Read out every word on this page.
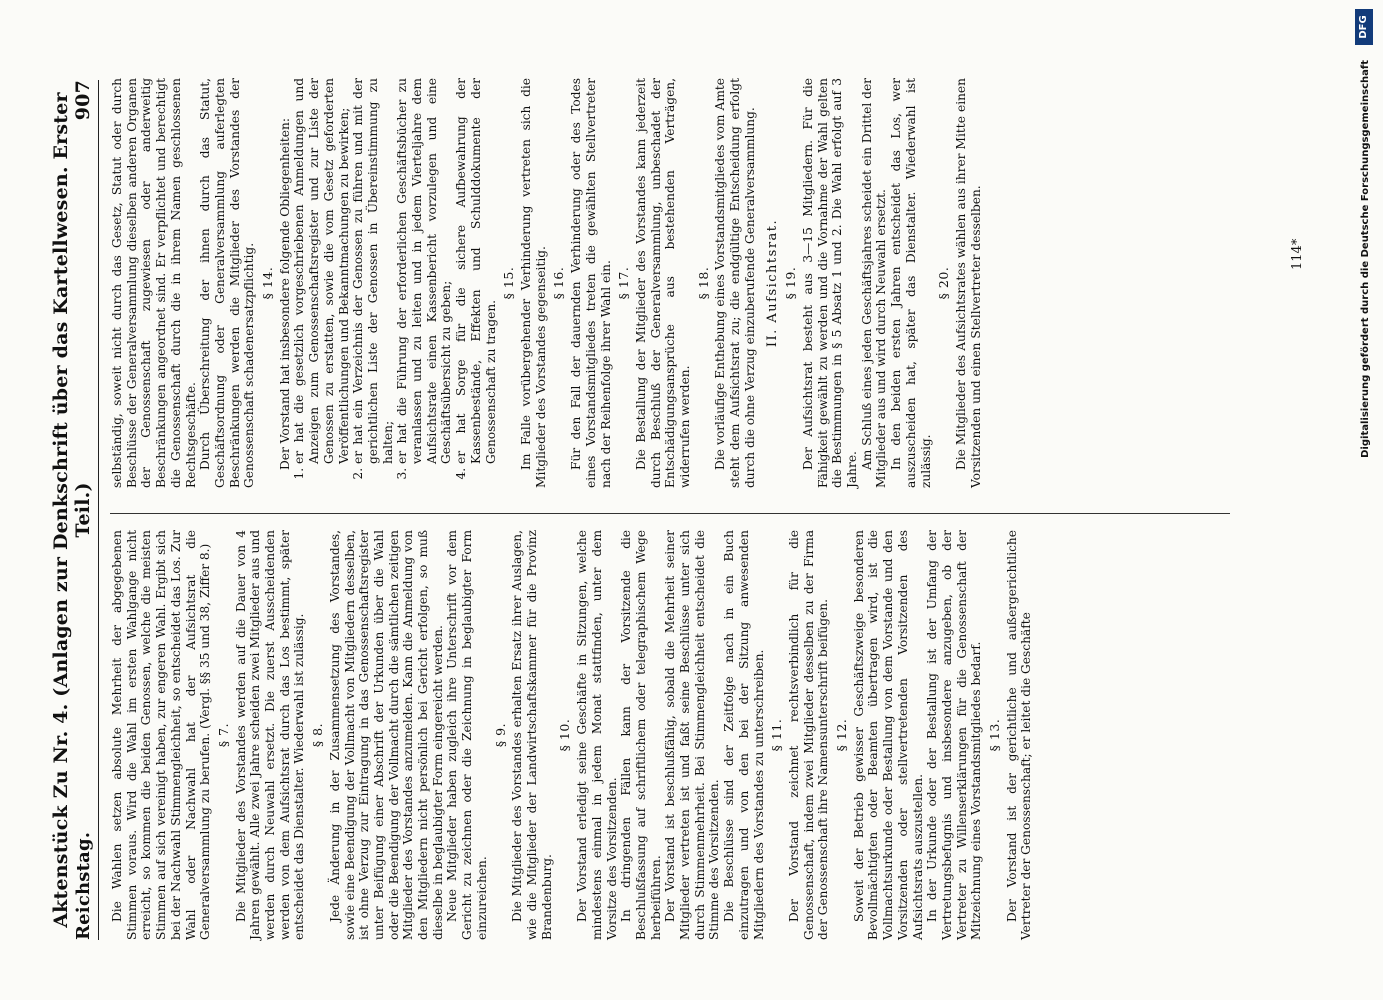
Reichstag.
Aktenstück Zu Nr. 4. (Anlagen zur Denkschrift über das Kartellwesen. Erster Teil.)
907

Die Wahlen setzen absolute Mehrheit der abgegebenen Stimmen voraus. Wird die Wahl im ersten Wahlgange nicht erreicht, so kommen die beiden Genossen, welche die meisten Stimmen auf sich vereinigt haben, zur engeren Wahl. Ergibt sich bei der Nachwahl Stimmengleichheit, so entscheidet das Los. Zur Wahl oder Nachwahl hat der Aufsichtsrat die Generalversammlung zu berufen. (Vergl. §§ 35 und 38, Ziffer 8.) § 7. Die Mitglieder des Vorstandes werden auf die Dauer von 4 Jahren gewählt. Alle zwei Jahre scheiden zwei Mitglieder aus und werden durch Neuwahl ersetzt. Die zuerst Ausscheidenden werden von dem Aufsichtsrat durch das Los bestimmt, später entscheidet das Dienstalter. Wiederwahl ist zulässig. § 8. Jede Änderung in der Zusammensetzung des Vorstandes, sowie eine Beendigung der Vollmacht von Mitgliedern desselben, ist ohne Verzug zur Eintragung in das Genossenschaftsregister unter Beifügung einer Abschrift der Urkunden über die Wahl oder die Beendigung der Vollmacht durch die sämtlichen zeitigen Mitglieder des Vorstandes anzumelden. Kann die Anmeldung von den Mitgliedern nicht persönlich bei Gericht erfolgen, so muß dieselbe in beglaubigter Form eingereicht werden. Neue Mitglieder haben zugleich ihre Unterschrift vor dem Gericht zu zeichnen oder die Zeichnung in beglaubigter Form einzureichen.

§ 9. Die Mitglieder des Vorstandes erhalten Ersatz ihrer Auslagen, wie die Mitglieder der Landwirtschaftskammer für die Provinz Brandenburg.

§ 10. Der Vorstand erledigt seine Geschäfte in Sitzungen, welche mindestens einmal in jedem Monat stattfinden, unter dem Vorsitze des Vorsitzenden. In dringenden Fällen kann der Vorsitzende die Beschlußfassung auf schriftlichem oder telegraphischem Wege herbeiführen. Der Vorstand ist beschlußfähig, sobald die Mehrheit seiner Mitglieder vertreten ist und faßt seine Beschlüsse unter sich durch Stimmenmehrheit. Bei Stimmengleichheit entscheidet die Stimme des Vorsitzenden. Die Beschlüsse sind der Zeitfolge nach in ein Buch einzutragen und von den bei der Sitzung anwesenden Mitgliedern des Vorstandes zu unterschreiben. § 11. Der Vorstand zeichnet rechtsverbindlich für die Genossenschaft, indem zwei Mitglieder desselben zu der Firma der Genossenschaft ihre Namensunterschrift beifügen. § 12. Soweit der Betrieb gewisser Geschäftszweige besonderen Bevollmächtigten oder Beamten übertragen wird, ist die Vollmachtsurkunde oder Bestallung von dem Vorstande und den Vorsitzenden oder stellvertretenden Vorsitzenden des Aufsichtsrats auszustellen. In der Urkunde oder der Bestallung ist der Umfang der Vertretungsbefugnis und insbesondere anzugeben, ob der Vertreter zu Willenserklärungen für die Genossenschaft der Mitzeichnung eines Vorstandsmitgliedes bedarf. § 13. Der Vorstand ist der gerichtliche und außergerichtliche Vertreter der Genossenschaft; er leitet die Geschäfte

selbständig, soweit nicht durch das Gesetz, Statut oder durch Beschlüsse der Generalversammlung dieselben anderen Organen der Genossenschaft zugewiesen oder anderweitig Beschränkungen angeordnet sind. Er verpflichtet und berechtigt die Genossenschaft durch die in ihrem Namen geschlossenen Rechtsgeschäfte. Durch Überschreitung der ihnen durch das Statut, Geschäftsordnung oder Generalversammlung auferlegten Beschränkungen werden die Mitglieder des Vorstandes der Genossenschaft schadenersatzpflichtig. § 14. Der Vorstand hat insbesondere folgende Obliegenheiten: 1. er hat die gesetzlich vorgeschriebenen Anmeldungen und Anzeigen zum Genossenschaftsregister und zur Liste der Genossen zu erstatten, sowie die vom Gesetz geforderten Veröffentlichungen und Bekanntmachungen zu bewirken; 2. er hat ein Verzeichnis der Genossen zu führen und mit der gerichtlichen Liste der Genossen in Übereinstimmung zu halten; 3. er hat die Führung der erforderlichen Geschäftsbücher zu veranlassen und zu leiten und in jedem Vierteljahre dem Aufsichtsrate einen Kassenbericht vorzulegen und eine Geschäftsübersicht zu geben; 4. er hat Sorge für die sichere Aufbewahrung der Kassenbestände, Effekten und Schulddokumente der Genossenschaft zu tragen.
§ 15. Im Falle vorübergehender Verhinderung vertreten sich die Mitglieder des Vorstandes gegenseitig. § 16. Für den Fall der dauernden Verhinderung oder des Todes eines Vorstandsmitgliedes treten die gewählten Stellvertreter nach der Reihenfolge ihrer Wahl ein. § 17. Die Bestallung der Mitglieder des Vorstandes kann jederzeit durch Beschluß der Generalversammlung, unbeschadet der Entschädigungsansprüche aus bestehenden Verträgen, widerrufen werden.

§ 18. Die vorläufige Enthebung eines Vorstandsmitgliedes vom Amte steht dem Aufsichtsrat zu; die endgültige Entscheidung erfolgt durch die ohne Verzug einzuberufende Generalversammlung. II. Aufsichtsrat. § 19. Der Aufsichtsrat besteht aus 3—15 Mitgliedern. Für die Fähigkeit gewählt zu werden und die Vornahme der Wahl gelten die Bestimmungen in § 5 Absatz 1 und 2. Die Wahl erfolgt auf 3 Jahre. Am Schluß eines jeden Geschäftsjahres scheidet ein Drittel der Mitglieder aus und wird durch Neuwahl ersetzt. In den beiden ersten Jahren entscheidet das Los, wer auszuscheiden hat, später das Dienstalter. Wiederwahl ist zulässig.

§ 20. Die Mitglieder des Aufsichtsrates wählen aus ihrer Mitte einen Vorsitzenden und einen Stellvertreter desselben.	114*	Digitalisierung gefördert durch die Deutsche Forschungsgemeinschaft
DFG
